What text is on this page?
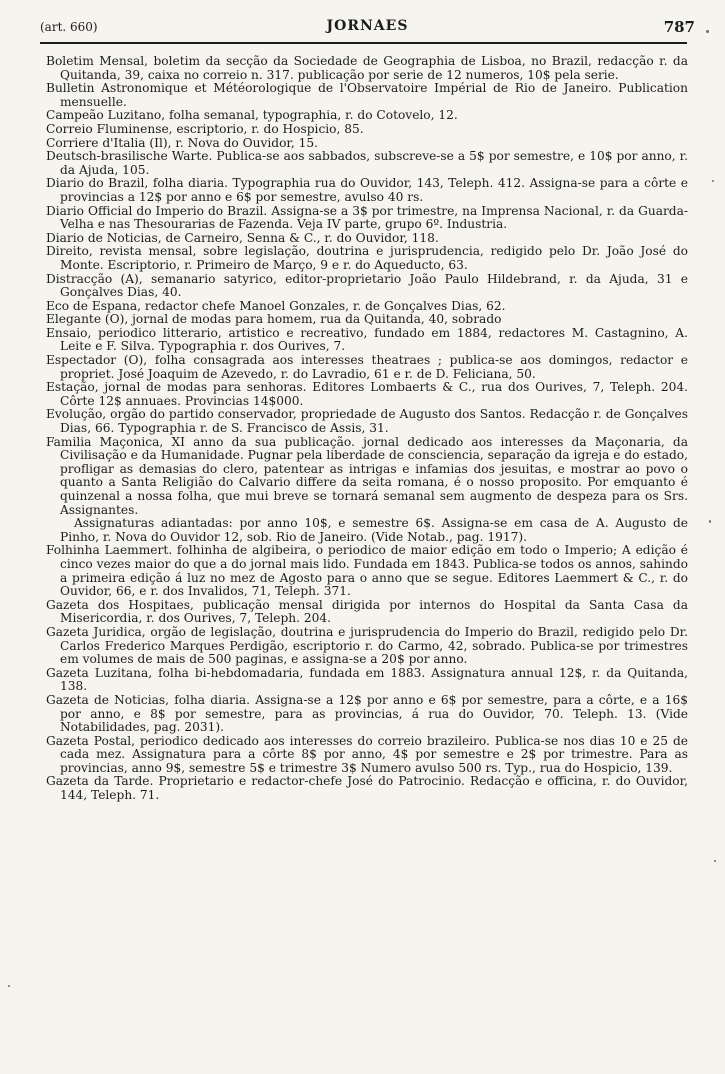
(art. 660)	JORNAES	787

Boletim Mensal, boletim da secção da Sociedade de Geographia de Lisboa, no Brazil, redacção r. da Quitanda, 39, caixa no correio n. 317. publicação por serie de 12 numeros, 10$ pela serie.

Bulletin Astronomique et Météorologique de l'Observatoire Impérial de Rio de Janeiro. Publication mensuelle.

Campeão Luzitano, folha semanal, typographia, r. do Cotovelo, 12.

Correio Fluminense, escriptorio, r. do Hospicio, 85.

Corriere d'Italia (Il), r. Nova do Ouvidor, 15.

Deutsch-brasilische Warte. Publica-se aos sabbados, subscreve-se a 5$ por semestre, e 10$ por anno, r. da Ajuda, 105.

Diario do Brazil, folha diaria. Typographia rua do Ouvidor, 143, Teleph. 412. Assigna-se para a côrte e provincias a 12$ por anno e 6$ por semestre, avulso 40 rs.

Diario Official do Imperio do Brazil. Assigna-se a 3$ por trimestre, na Imprensa Nacional, r. da Guarda-Velha e nas Thesourarias de Fazenda. Veja IV parte, grupo 6º. Industria.

Diario de Noticias, de Carneiro, Senna & C., r. do Ouvidor, 118.

Direito, revista mensal, sobre legislação, doutrina e jurisprudencia, redigido pelo Dr. João José do Monte. Escriptorio, r. Primeiro de Março, 9 e r. do Aqueducto, 63.

Distracção (A), semanario satyrico, editor-proprietario João Paulo Hildebrand, r. da Ajuda, 31 e Gonçalves Dias, 40.

Eco de Espana, redactor chefe Manoel Gonzales, r. de Gonçalves Dias, 62.

Elegante (O), jornal de modas para homem, rua da Quitanda, 40, sobrado

Ensaio, periodico litterario, artistico e recreativo, fundado em 1884, redactores M. Castagnino, A. Leite e F. Silva. Typographia r. dos Ourives, 7.

Espectador (O), folha consagrada aos interesses theatraes ; publica-se aos domingos, redactor e propriet. José Joaquim de Azevedo, r. do Lavradio, 61 e r. de D. Feliciana, 50.

Estação, jornal de modas para senhoras. Editores Lombaerts & C., rua dos Ourives, 7, Teleph. 204. Côrte 12$ annuaes. Provincias 14$000.

Evolução, orgão do partido conservador, propriedade de Augusto dos Santos. Redacção r. de Gonçalves Dias, 66. Typographia r. de S. Francisco de Assis, 31.

Familia Maçonica, XI anno da sua publicação. jornal dedicado aos interesses da Maçonaria, da Civilisação e da Humanidade. Pugnar pela liberdade de consciencia, separação da igreja e do estado, profligar as demasias do clero, patentear as intrigas e infamias dos jesuitas, e mostrar ao povo o quanto a Santa Religião do Calvario differe da seita romana, é o nosso proposito. Por emquanto é quinzenal a nossa folha, que mui breve se tornará semanal sem augmento de despeza para os Srs. Assignantes.

Assignaturas adiantadas: por anno 10$, e semestre 6$. Assigna-se em casa de A. Augusto de Pinho, r. Nova do Ouvidor 12, sob. Rio de Janeiro. (Vide Notab., pag. 1917).

Folhinha Laemmert. folhinha de algibeira, o periodico de maior edição em todo o Imperio; A edição é cinco vezes maior do que a do jornal mais lido. Fundada em 1843. Publica-se todos os annos, sahindo a primeira edição á luz no mez de Agosto para o anno que se segue. Editores Laemmert & C., r. do Ouvidor, 66, e r. dos Invalidos, 71, Teleph. 371.

Gazeta dos Hospitaes, publicação mensal dirigida por internos do Hospital da Santa Casa da Misericordia, r. dos Ourives, 7, Teleph. 204.

Gazeta Juridica, orgão de legislação, doutrina e jurisprudencia do Imperio do Brazil, redigido pelo Dr. Carlos Frederico Marques Perdigão, escriptorio r. do Carmo, 42, sobrado. Publica-se por trimestres em volumes de mais de 500 paginas, e assigna-se a 20$ por anno.

Gazeta Luzitana, folha bi-hebdomadaria, fundada em 1883. Assignatura annual 12$, r. da Quitanda, 138.

Gazeta de Noticias, folha diaria. Assigna-se a 12$ por anno e 6$ por semestre, para a côrte, e a 16$ por anno, e 8$ por semestre, para as provincias, á rua do Ouvidor, 70. Teleph. 13. (Vide Notabilidades, pag. 2031).

Gazeta Postal, periodico dedicado aos interesses do correio brazileiro. Publica-se nos dias 10 e 25 de cada mez. Assignatura para a côrte 8$ por anno, 4$ por semestre e 2$ por trimestre. Para as provincias, anno 9$, semestre 5$ e trimestre 3$ Numero avulso 500 rs. Typ., rua do Hospicio, 139.

Gazeta da Tarde. Proprietario e redactor-chefe José do Patrocinio. Redacção e officina, r. do Ouvidor, 144, Teleph. 71.
